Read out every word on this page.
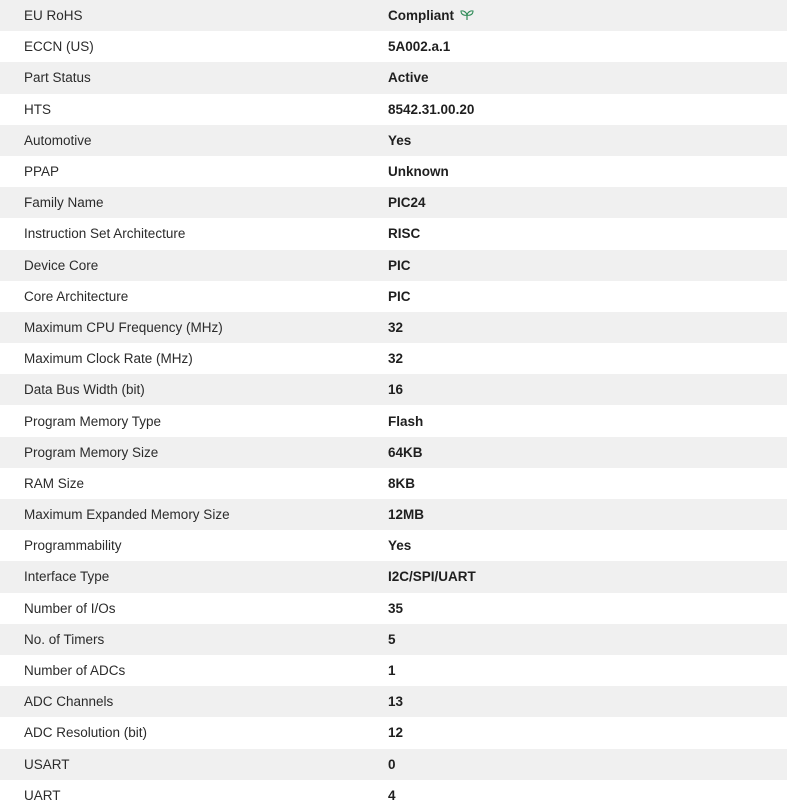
EU RoHS	Compliant
ECCN (US)	5A002.a.1
Part Status	Active
HTS	8542.31.00.20
Automotive	Yes
PPAP	Unknown
Family Name	PIC24
Instruction Set Architecture	RISC
Device Core	PIC
Core Architecture	PIC
Maximum CPU Frequency (MHz)	32
Maximum Clock Rate (MHz)	32
Data Bus Width (bit)	16
Program Memory Type	Flash
Program Memory Size	64KB
RAM Size	8KB
Maximum Expanded Memory Size	12MB
Programmability	Yes
Interface Type	I2C/SPI/UART
Number of I/Os	35
No. of Timers	5
Number of ADCs	1
ADC Channels	13
ADC Resolution (bit)	12
USART	0
UART	4
